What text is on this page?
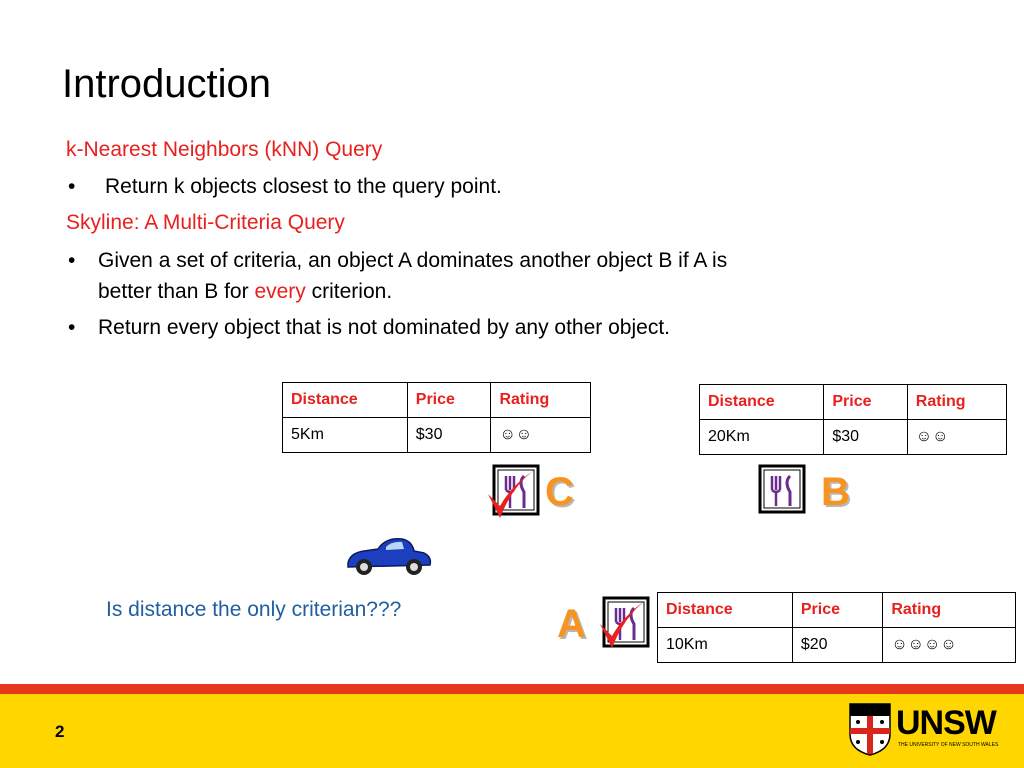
Introduction
k-Nearest Neighbors (kNN) Query
• Return k objects closest to the query point.
Skyline: A Multi-Criteria Query
• Given a set of criteria, an object A dominates another object B if A is
better than B for every criterion.
• Return every object that is not dominated by any other object.
Distance	Price	Rating
5Km	$30	☺☺
Distance	Price	Rating
20Km	$30	☺☺
Distance	Price	Rating
10Km	$20	☺☺☺☺
C	B
Is distance the only criterian???	A
2	UNSW
THE UNIVERSITY OF NEW SOUTH WALES
